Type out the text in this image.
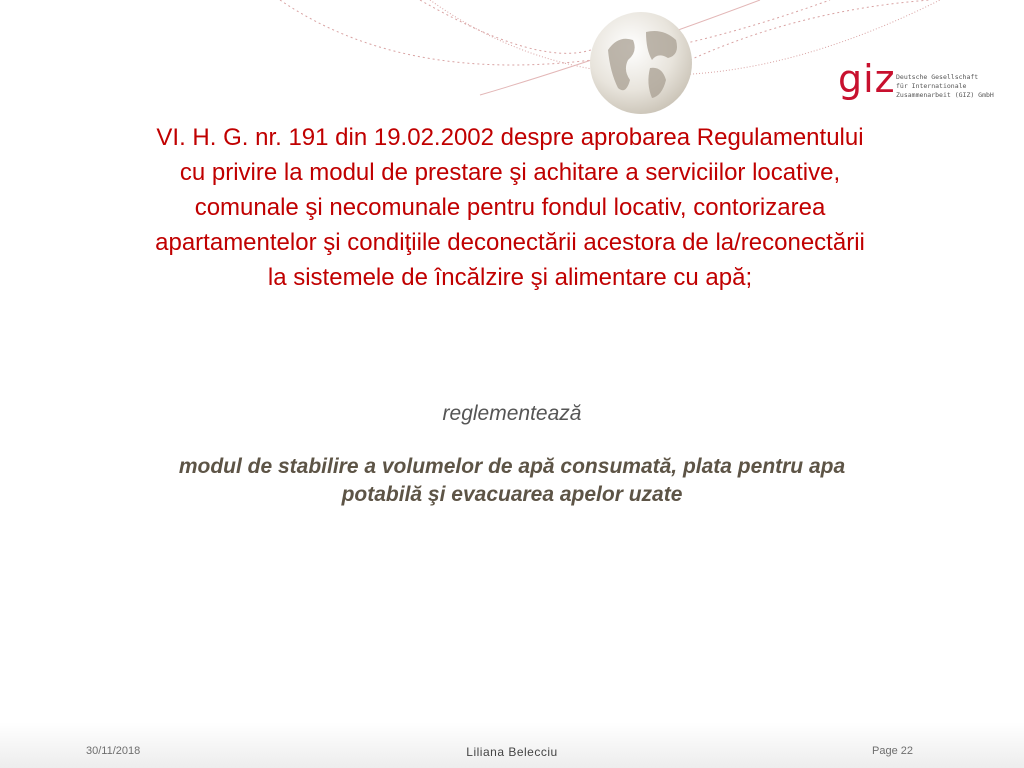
giz Deutsche Gesellschaft
für Internationale
Zusammenarbeit (GIZ) GmbH
VI. H. G. nr. 191 din 19.02.2002 despre aprobarea Regulamentului
cu privire la modul de prestare şi achitare a serviciilor locative,
comunale şi necomunale pentru fondul locativ, contorizarea
apartamentelor şi condiţiile deconectării acestora de la/reconectării
la sistemele de încălzire şi alimentare cu apă;
reglementează
modul de stabilire a volumelor de apă consumată, plata pentru apa
potabilă şi evacuarea apelor uzate
30/11/2018	Liliana Belecciu	Page 22
